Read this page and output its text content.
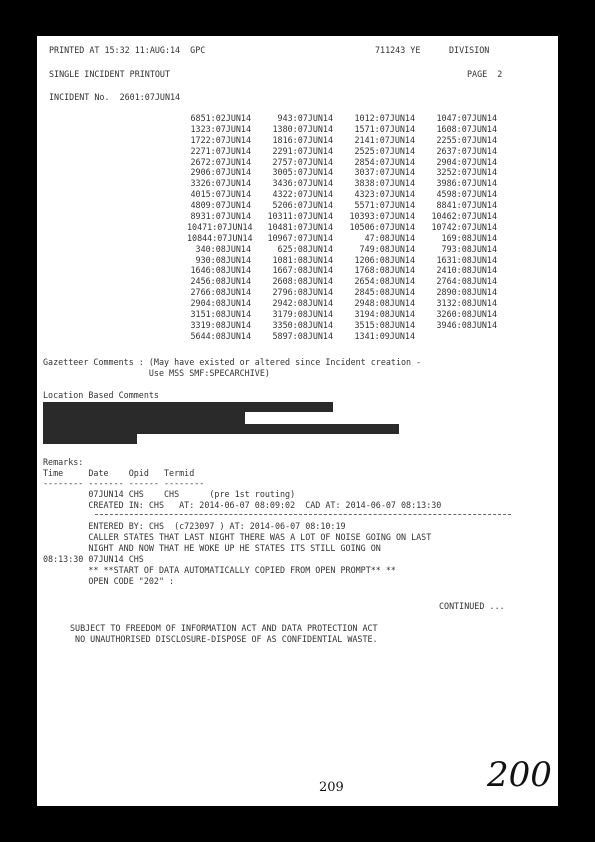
PRINTED AT 15:32 11:AUG:14  GPC	711243 YE	DIVISION
SINGLE INCIDENT PRINTOUT	PAGE  2
INCIDENT No.  2601:07JUN14
6851:02JUN14	943:07JUN14	1012:07JUN14	1047:07JUN14
1323:07JUN14	1380:07JUN14	1571:07JUN14	1608:07JUN14
1722:07JUN14	1816:07JUN14	2141:07JUN14	2255:07JUN14
2271:07JUN14	2291:07JUN14	2525:07JUN14	2637:07JUN14
2672:07JUN14	2757:07JUN14	2854:07JUN14	2904:07JUN14
2906:07JUN14	3005:07JUN14	3037:07JUN14	3252:07JUN14
3326:07JUN14	3436:07JUN14	3838:07JUN14	3986:07JUN14
4015:07JUN14	4322:07JUN14	4323:07JUN14	4598:07JUN14
4809:07JUN14	5206:07JUN14	5571:07JUN14	8841:07JUN14
8931:07JUN14	10311:07JUN14	10393:07JUN14	10462:07JUN14
10471:07JUN14	10481:07JUN14	10506:07JUN14	10742:07JUN14
10844:07JUN14	10967:07JUN14	47:08JUN14	169:08JUN14
340:08JUN14	625:08JUN14	749:08JUN14	793:08JUN14
930:08JUN14	1081:08JUN14	1206:08JUN14	1631:08JUN14
1646:08JUN14	1667:08JUN14	1768:08JUN14	2410:08JUN14
2456:08JUN14	2608:08JUN14	2654:08JUN14	2764:08JUN14
2766:08JUN14	2796:08JUN14	2845:08JUN14	2890:08JUN14
2904:08JUN14	2942:08JUN14	2948:08JUN14	3132:08JUN14
3151:08JUN14	3179:08JUN14	3194:08JUN14	3260:08JUN14
3319:08JUN14	3350:08JUN14	3515:08JUN14	3946:08JUN14
5644:08JUN14	5897:08JUN14	1341:09JUN14
Gazetteer Comments : (May have existed or altered since Incident creation -
Use MSS SMF:SPECARCHIVE)
Location Based Comments
Remarks:
Time     Date    Opid   Termid
-------- ------- ------ --------
07JUN14 CHS    CHS      (pre 1st routing)
CREATED IN: CHS   AT: 2014-06-07 08:09:02  CAD AT: 2014-06-07 08:13:30
ENTERED BY: CHS  (c723097 ) AT: 2014-06-07 08:10:19
CALLER STATES THAT LAST NIGHT THERE WAS A LOT OF NOISE GOING ON LAST
NIGHT AND NOW THAT HE WOKE UP HE STATES ITS STILL GOING ON
08:13:30 07JUN14 CHS
** **START OF DATA AUTOMATICALLY COPIED FROM OPEN PROMPT** **
OPEN CODE "202" :
CONTINUED ...
SUBJECT TO FREEDOM OF INFORMATION ACT AND DATA PROTECTION ACT
NO UNAUTHORISED DISCLOSURE-DISPOSE OF AS CONFIDENTIAL WASTE.
200
209
